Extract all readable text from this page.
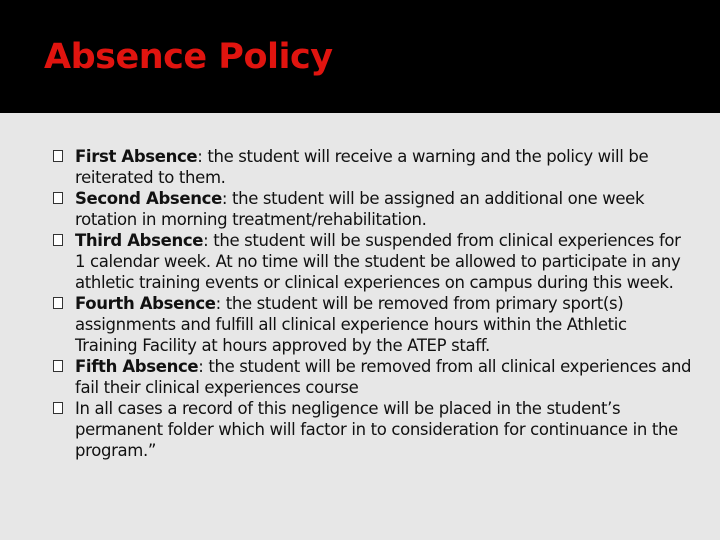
Absence Policy
First Absence: the student will receive a warning and the policy will be reiterated to them.
Second Absence: the student will be assigned an additional one week rotation in morning treatment/rehabilitation.
Third Absence: the student will be suspended from clinical experiences for 1 calendar week. At no time will the student be allowed to participate in any athletic training events or clinical experiences on campus during this week.
Fourth Absence: the student will be removed from primary sport(s) assignments and fulfill all clinical experience hours within the Athletic Training Facility at hours approved by the ATEP staff.
Fifth Absence: the student will be removed from all clinical experiences and fail their clinical experiences course
In all cases a record of this negligence will be placed in the student’s permanent folder which will factor in to consideration for continuance in the program.”
